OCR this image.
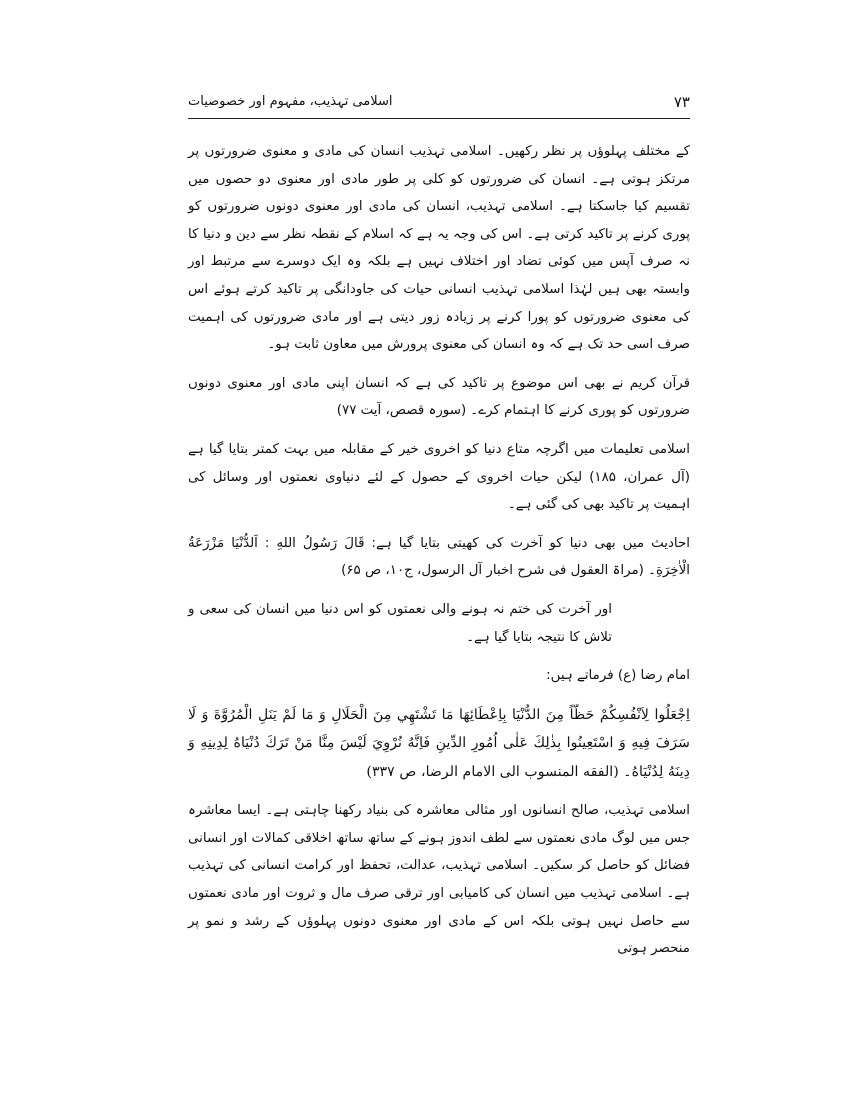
۷۳
اسلامی تہذیب، مفہوم اور خصوصیات

کے مختلف پہلوؤں پر نظر رکھیں۔ اسلامی تہذیب انسان کی مادی و معنوی ضرورتوں پر مرتکز ہوتی ہے۔ انسان کی ضرورتوں کو کلی پر طور مادی اور معنوی دو حصوں میں تقسیم کیا جاسکتا ہے۔ اسلامی تہذیب، انسان کی مادی اور معنوی دونوں ضرورتوں کو پوری کرنے پر تاکید کرتی ہے۔ اس کی وجہ یہ ہے کہ اسلام کے نقطہ نظر سے دین و دنیا کا نہ صرف آپس میں کوئی تضاد اور اختلاف نہیں ہے بلکہ وہ ایک دوسرے سے مرتبط اور وابستہ بھی ہیں لہٰذا اسلامی تہذیب انسانی حیات کی جاودانگی پر تاکید کرتے ہوئے اس کی معنوی ضرورتوں کو پورا کرنے پر زیادہ زور دیتی ہے اور مادی ضرورتوں کی اہمیت صرف اسی حد تک ہے کہ وہ انسان کی معنوی پرورش میں معاون ثابت ہو۔

قرآن کریم نے بھی اس موضوع پر تاکید کی ہے کہ انسان اپنی مادی اور معنوی دونوں ضرورتوں کو پوری کرنے کا اہتمام کرے۔ (سورہ قصص، آیت ۷۷)

اسلامی تعلیمات میں اگرچہ متاع دنیا کو اخروی خیر کے مقابلہ میں بہت کمتر بتایا گیا ہے (آل عمران، ۱۸۵) لیکن حیات اخروی کے حصول کے لئے دنیاوی نعمتوں اور وسائل کی اہمیت پر تاکید بھی کی گئی ہے۔

احادیث میں بھی دنیا کو آخرت کی کھیتی بتایا گیا ہے: قَالَ رَسُولُ اللهِ : اَلدُّنْيَا مَزْرَعَةُ الْاٰخِرَةِ۔ (مراۃ العقول فی شرح اخبار آل الرسول، ج۱۰، ص ۶۵)

اور آخرت کی ختم نہ ہونے والی نعمتوں کو اس دنیا میں انسان کی سعی و تلاش کا نتیجہ بتایا گیا ہے۔

امام رضا (ع) فرماتے ہیں:

اِجْعَلُوا لِاَنْفُسِكُمْ حَظّاً مِنَ الدُّنْيَا بِاِعْطَائِهَا مَا تَشْتَهِي مِنَ الْحَلَالِ وَ مَا لَمْ يَنَلِ الْمُرُوَّةَ وَ لَا سَرَفَ فِيهِ وَ اسْتَعِينُوا بِذٰلِكَ عَلٰى اُمُورِ الدِّينِ فَاِنَّهُ نُرْوِيَ لَيْسَ مِنَّا مَنْ تَرَكَ دُنْيَاهُ لِدِينِهِ وَ دِينَهُ لِدُنْيَاهُ۔ (الفقه المنسوب الی الامام الرضا، ص ۳۳۷)

اسلامی تہذیب، صالح انسانوں اور مثالی معاشرہ کی بنیاد رکھنا چاہتی ہے۔ ایسا معاشرہ جس میں لوگ مادی نعمتوں سے لطف اندوز ہونے کے ساتھ ساتھ اخلاقی کمالات اور انسانی فضائل کو حاصل کر سکیں۔ اسلامی تہذیب، عدالت، تحفظ اور کرامت انسانی کی تہذیب ہے۔ اسلامی تہذیب میں انسان کی کامیابی اور ترقی صرف مال و ثروت اور مادی نعمتوں سے حاصل نہیں ہوتی بلکہ اس کے مادی اور معنوی دونوں پہلوؤں کے رشد و نمو پر منحصر ہوتی
